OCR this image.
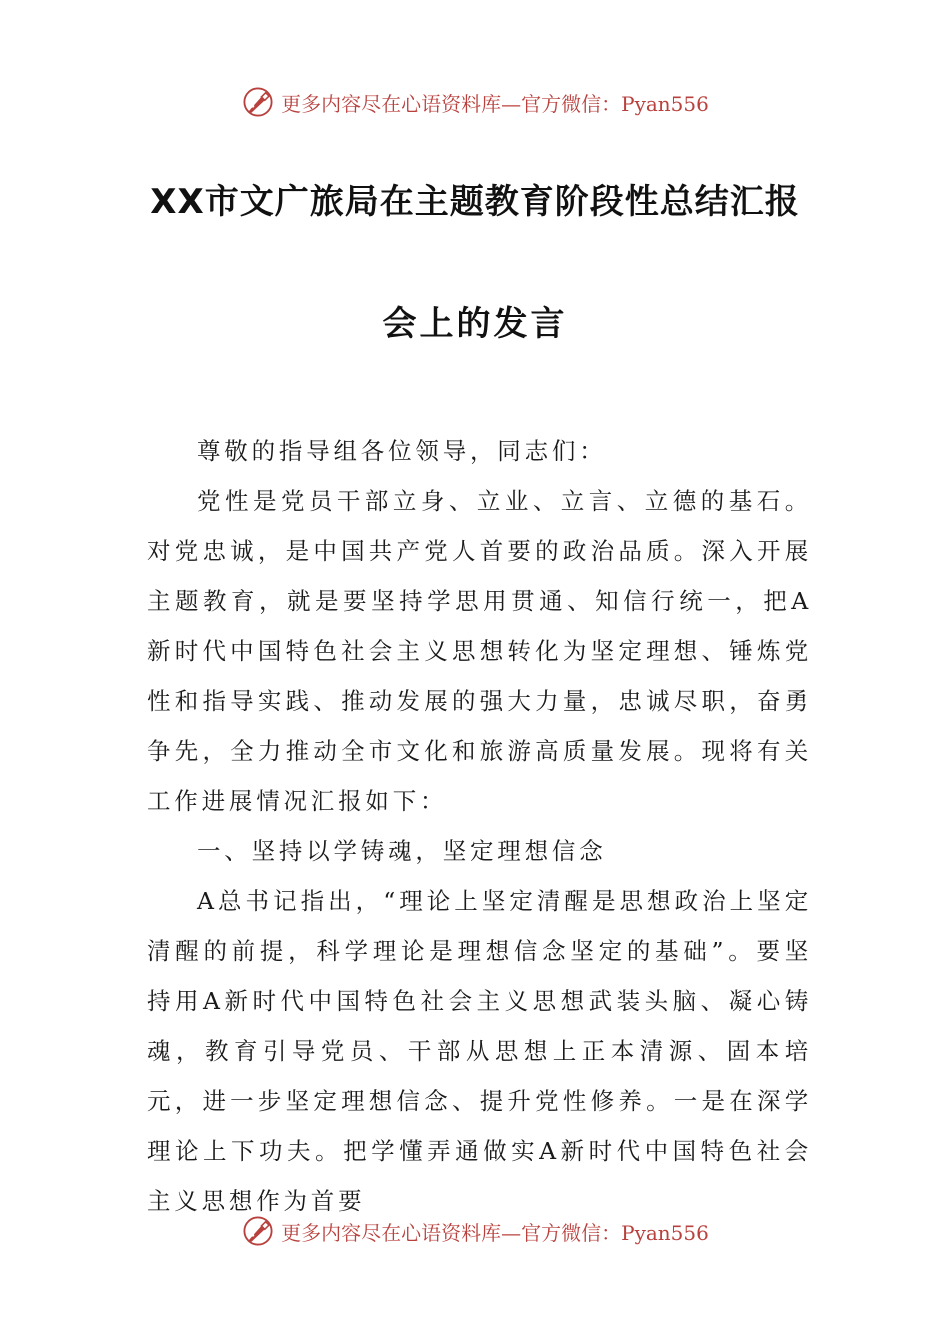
更多内容尽在心语资料库—官方微信：Pyan556
XX市文广旅局在主题教育阶段性总结汇报
会上的发言

尊敬的指导组各位领导，同志们：

党性是党员干部立身、立业、立言、立德的基石。对党忠诚，是中国共产党人首要的政治品质。深入开展主题教育，就是要坚持学思用贯通、知信行统一，把A新时代中国特色社会主义思想转化为坚定理想、锤炼党性和指导实践、推动发展的强大力量，忠诚尽职，奋勇争先，全力推动全市文化和旅游高质量发展。现将有关工作进展情况汇报如下：

一、坚持以学铸魂，坚定理想信念

A总书记指出，“理论上坚定清醒是思想政治上坚定清醒的前提，科学理论是理想信念坚定的基础”。要坚持用A新时代中国特色社会主义思想武装头脑、凝心铸魂，教育引导党员、干部从思想上正本清源、固本培元，进一步坚定理想信念、提升党性修养。一是在深学理论上下功夫。把学懂弄通做实A新时代中国特色社会主义思想作为首要

更多内容尽在心语资料库—官方微信：Pyan556
